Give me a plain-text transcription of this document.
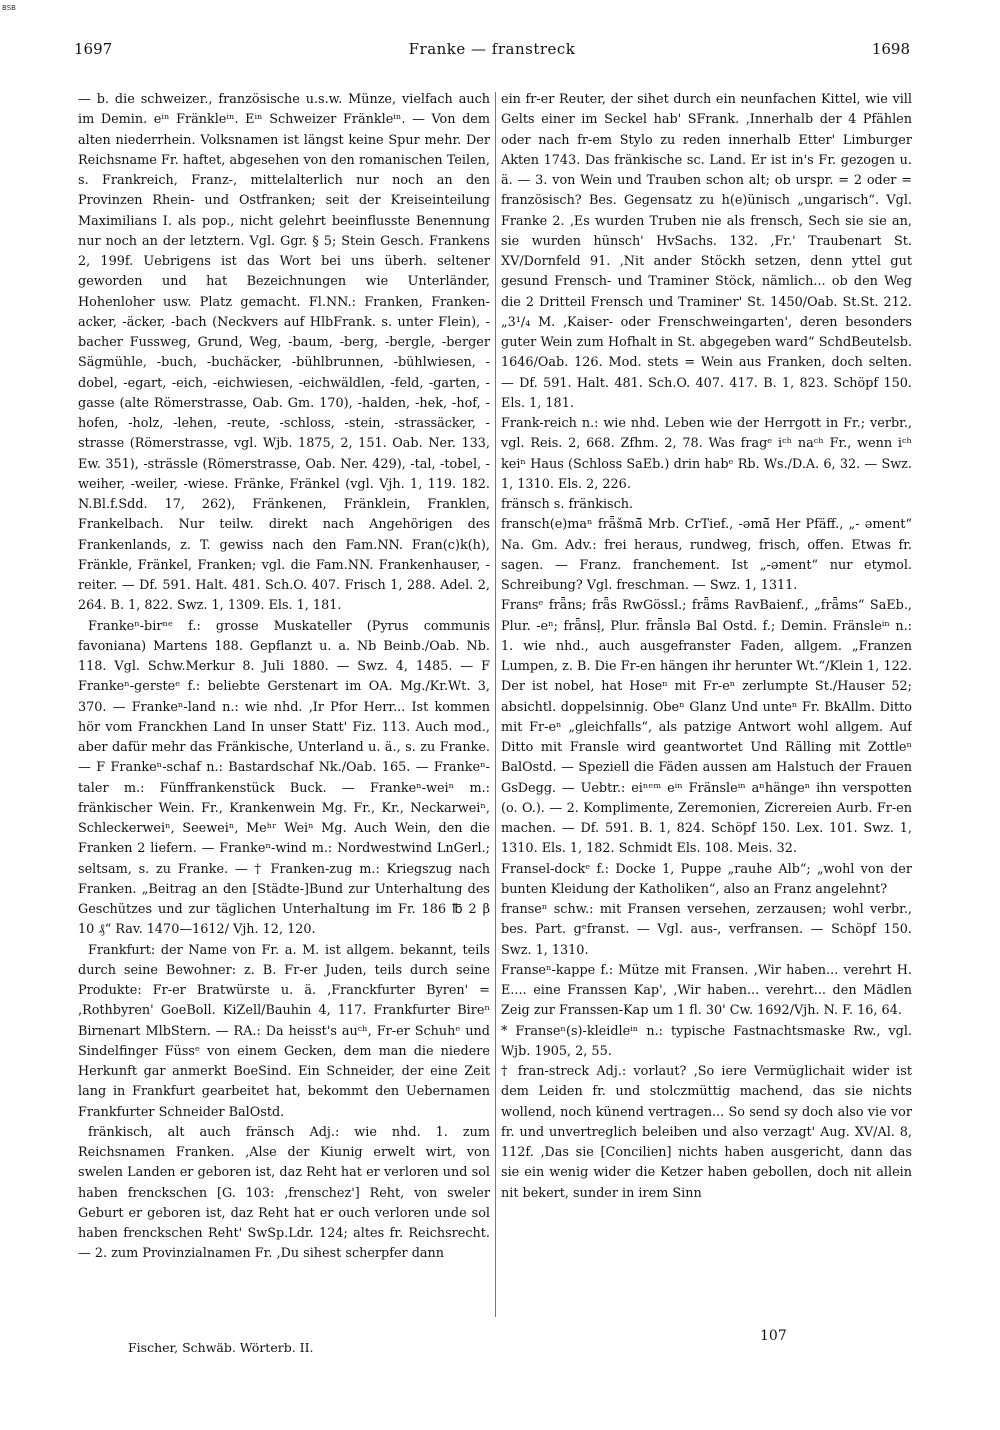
BSB
1697	Franke — franstreck	1698

— b. die schweizer., französische u.s.w. Münze, vielfach auch im Demin. eⁱⁿ Fränkleⁱⁿ. Eⁱⁿ Schweizer Fränkleⁱⁿ. — Von dem alten niederrhein. Volksnamen ist längst keine Spur mehr. Der Reichsname Fr. haftet, abgesehen von den romanischen Teilen, s. Frankreich, Franz-, mittelalterlich nur noch an den Provinzen Rhein- und Ostfranken; seit der Kreiseinteilung Maximilians I. als pop., nicht gelehrt beeinflusste Benennung nur noch an der letztern. Vgl. Ggr. § 5; Stein Gesch. Frankens 2, 199f. Uebrigens ist das Wort bei uns überh. seltener geworden und hat Bezeichnungen wie Unterländer, Hohenloher usw. Platz gemacht. Fl.NN.: Franken, Franken-acker, -äcker, -bach (Neckvers auf HlbFrank. s. unter Flein), -bacher Fussweg, Grund, Weg, -baum, -berg, -bergle, -berger Sägmühle, -buch, -buchäcker, -bühlbrunnen, -bühlwiesen, -dobel, -egart, -eich, -eichwiesen, -eichwäldlen, -feld, -garten, -gasse (alte Römerstrasse, Oab. Gm. 170), -halden, -hek, -hof, -hofen, -holz, -lehen, -reute, -schloss, -stein, -strassäcker, -strasse (Römerstrasse, vgl. Wjb. 1875, 2, 151. Oab. Ner. 133, Ew. 351), -strässle (Römerstrasse, Oab. Ner. 429), -tal, -tobel, -weiher, -weiler, -wiese. Fränke, Fränkel (vgl. Vjh. 1, 119. 182. N.Bl.f.Sdd. 17, 262), Fränkenen, Fränklein, Franklen, Frankelbach. Nur teilw. direkt nach Angehörigen des Frankenlands, z. T. gewiss nach den Fam.NN. Fran(c)k(h), Fränkle, Fränkel, Franken; vgl. die Fam.NN. Frankenhauser, -reiter. — Df. 591. Halt. 481. Sch.O. 407. Frisch 1, 288. Adel. 2, 264. B. 1, 822. Swz. 1, 1309. Els. 1, 181.

Frankeⁿ-birⁿᵉ f.: grosse Muskateller (Pyrus communis favoniana) Martens 188. Gepflanzt u. a. Nb Beinb./Oab. Nb. 118. Vgl. Schw.Merkur 8. Juli 1880. — Swz. 4, 1485. — F Frankeⁿ-gersteᵉ f.: beliebte Gerstenart im OA. Mg./Kr.Wt. 3, 370. — Frankeⁿ-land n.: wie nhd. ‚Ir Pfor Herr... Ist kommen hör vom Franckhen Land In unser Statt' Fiz. 113. Auch mod., aber dafür mehr das Fränkische, Unterland u. ä., s. zu Franke. — F Frankeⁿ-schaf n.: Bastardschaf Nk./Oab. 165. — Frankeⁿ-taler m.: Fünffrankenstück Buck. — Frankeⁿ-weiⁿ m.: fränkischer Wein. Fr., Krankenwein Mg. Fr., Kr., Neckarweiⁿ, Schleckerweiⁿ, Seeweiⁿ, Meʰʳ Weiⁿ Mg. Auch Wein, den die Franken 2 liefern. — Frankeⁿ-wind m.: Nordwestwind LnGerl.; seltsam, s. zu Franke. — † Franken-zug m.: Kriegszug nach Franken. „Beitrag an den [Städte-]Bund zur Unterhaltung des Geschützes und zur täglichen Unterhaltung im Fr. 186 ℔ 2 β 10 ₰“ Rav. 1470—1612/ Vjh. 12, 120.

Frankfurt: der Name von Fr. a. M. ist allgem. bekannt, teils durch seine Bewohner: z. B. Fr-er Juden, teils durch seine Produkte: Fr-er Bratwürste u. ä. ‚Franckfurter Byren' = ‚Rothbyren' GoeBoll. KiZell/Bauhin 4, 117. Frankfurter Bireⁿ Birnenart MlbStern. — RA.: Da heisst's auᶜʰ, Fr-er Schuhᵉ und Sindelfinger Füssᵉ von einem Gecken, dem man die niedere Herkunft gar anmerkt BoeSind. Ein Schneider, der eine Zeit lang in Frankfurt gearbeitet hat, bekommt den Uebernamen Frankfurter Schneider BalOstd.

fränkisch, alt auch fränsch Adj.: wie nhd. 1. zum Reichsnamen Franken. ‚Alse der Kiunig erwelt wirt, von swelen Landen er geboren ist, daz Reht hat er verloren und sol haben frenckschen [G. 103: ‚frenschez'] Reht, von sweler Geburt er geboren ist, daz Reht hat er ouch verloren unde sol haben frenckschen Reht' SwSp.Ldr. 124; altes fr. Reichsrecht. — 2. zum Provinzialnamen Fr. ‚Du sihest scherpfer dann

ein fr-er Reuter, der sihet durch ein neunfachen Kittel, wie vill Gelts einer im Seckel hab' SFrank. ‚Innerhalb der 4 Pfählen oder nach fr-em Stylo zu reden innerhalb Etter' Limburger Akten 1743. Das fränkische sc. Land. Er ist in's Fr. gezogen u. ä. — 3. von Wein und Trauben schon alt; ob urspr. = 2 oder = französisch? Bes. Gegensatz zu h(e)ünisch „ungarisch“. Vgl. Franke 2. ‚Es wurden Truben nie als frensch, Sech sie sie an, sie wurden hünsch' HvSachs. 132. ‚Fr.' Traubenart St. XV/Dornfeld 91. ‚Nit ander Stöckh setzen, denn yttel gut gesund Frensch- und Traminer Stöck, nämlich... ob den Weg die 2 Dritteil Frensch und Traminer' St. 1450/Oab. St.St. 212. „3¹/₄ M. ‚Kaiser- oder Frenschweingarten', deren besonders guter Wein zum Hofhalt in St. abgegeben ward“ SchdBeutelsb. 1646/Oab. 126. Mod. stets = Wein aus Franken, doch selten. — Df. 591. Halt. 481. Sch.O. 407. 417. B. 1, 823. Schöpf 150. Els. 1, 181.

Frank-reich n.: wie nhd. Leben wie der Herrgott in Fr.; verbr., vgl. Reis. 2, 668. Zfhm. 2, 78. Was fragᵉ iᶜʰ naᶜʰ Fr., wenn iᶜʰ keiⁿ Haus (Schloss SaEb.) drin habᵉ Rb. Ws./D.A. 6, 32. — Swz. 1, 1310. Els. 2, 226.

fränsch s. fränkisch.

fransch(e)maⁿ frǟšmā̆ Mrb. CrTief., -əmā̆ Her Pfäff., „- əment“ Na. Gm. Adv.: frei heraus, rundweg, frisch, offen. Etwas fr. sagen. — Franz. franchement. Ist „-əment“ nur etymol. Schreibung? Vgl. freschman. — Swz. 1, 1311.

Fransᵉ frǟns; frǟs RwGössl.; frǟms RavBaienf., „frǟms“ SaEb., Plur. -eⁿ; frǟnsḷ, Plur. frǟnslə Bal Ostd. f.; Demin. Fränsleⁱⁿ n.: 1. wie nhd., auch ausgefranster Faden, allgem. „Franzen Lumpen, z. B. Die Fr-en hängen ihr herunter Wt.“/Klein 1, 122. Der ist nobel, hat Hoseⁿ mit Fr-eⁿ zerlumpte St./Hauser 52; absichtl. doppelsinnig. Obeⁿ Glanz Und unteⁿ Fr. BkAllm. Ditto mit Fr-eⁿ „gleichfalls“, als patzige Antwort wohl allgem. Auf Ditto mit Fransle wird geantwortet Und Rälling mit Zottleⁿ BalOstd. — Speziell die Fäden aussen am Halstuch der Frauen GsDegg. — Uebtr.: eiⁿᵉᵐ eⁱⁿ Fränsleⁱⁿ aⁿhängeⁿ ihn verspotten (o. O.). — 2. Komplimente, Zeremonien, Zicrereien Aurb. Fr-en machen. — Df. 591. B. 1, 824. Schöpf 150. Lex. 101. Swz. 1, 1310. Els. 1, 182. Schmidt Els. 108. Meis. 32.

Fransel-dockᵉ f.: Docke 1, Puppe „rauhe Alb“; „wohl von der bunten Kleidung der Katholiken“, also an Franz angelehnt?

franseⁿ schw.: mit Fransen versehen, zerzausen; wohl verbr., bes. Part. gᵉfranst. — Vgl. aus-, verfransen. — Schöpf 150. Swz. 1, 1310.

Franseⁿ-kappe f.: Mütze mit Fransen. ‚Wir haben... verehrt H. E.... eine Franssen Kap', ‚Wir haben... verehrt... den Mädlen Zeig zur Franssen-Kap um 1 fl. 30' Cw. 1692/Vjh. N. F. 16, 64.

* Franseⁿ(s)-kleidleⁱⁿ n.: typische Fastnachtsmaske Rw., vgl. Wjb. 1905, 2, 55.

† fran-streck Adj.: vorlaut? ‚So iere Vermüglichait wider ist dem Leiden fr. und stolczmüttig machend, das sie nichts wollend, noch künend vertragen... So send sy doch also vie vor fr. und unvertreglich beleiben und also verzagt' Aug. XV/Al. 8, 112f. ‚Das sie [Concilien] nichts haben ausgericht, dann das sie ein wenig wider die Ketzer haben gebollen, doch nit allein nit bekert, sunder in irem Sinn

Fischer, Schwäb. Wörterb. II.
107
